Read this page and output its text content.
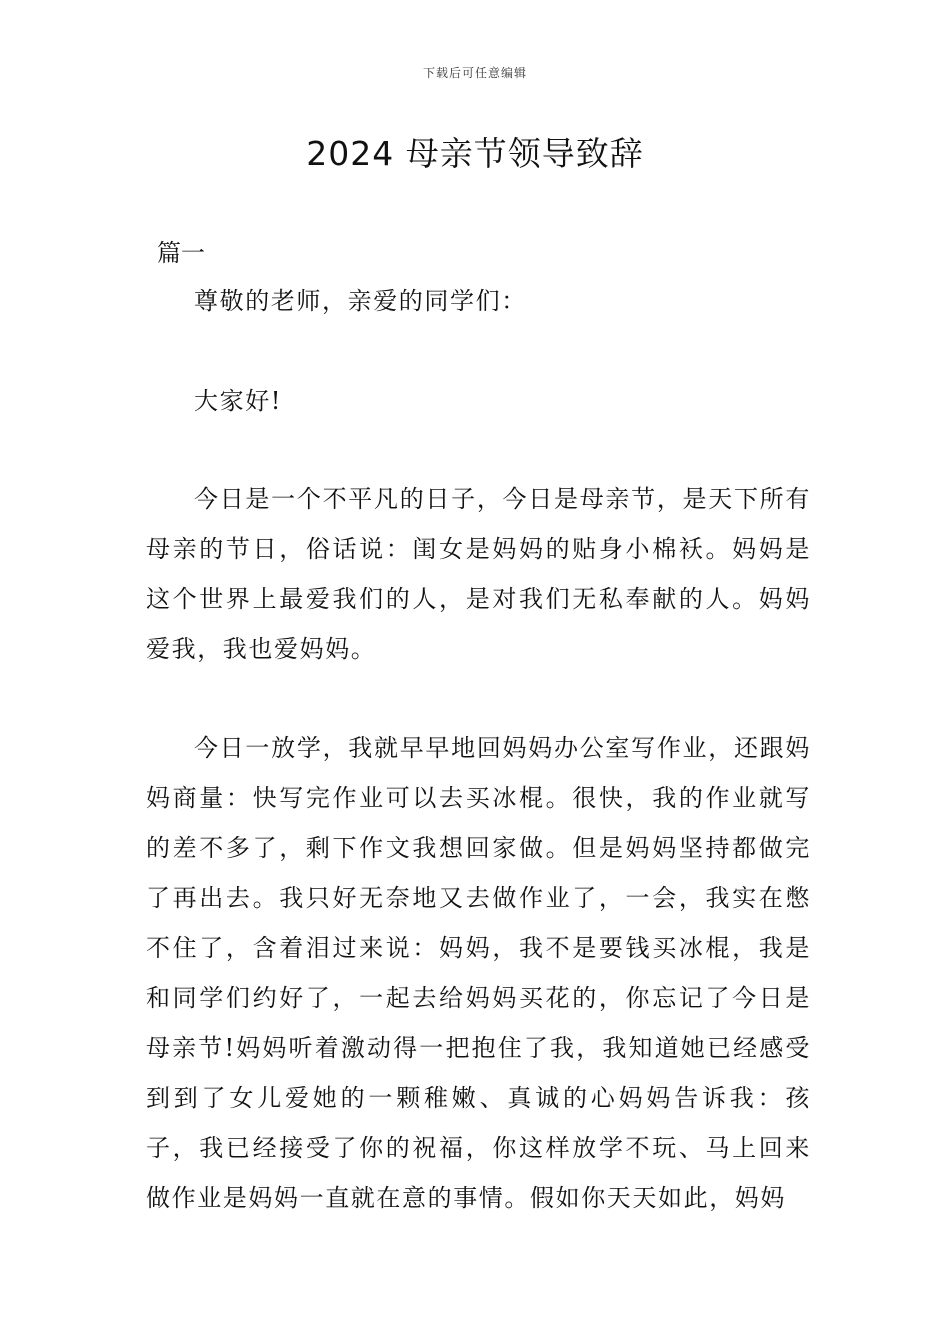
下载后可任意编辑
2024 母亲节领导致辞

篇一

尊敬的老师，亲爱的同学们：

大家好!

今日是一个不平凡的日子，今日是母亲节，是天下所有母亲的节日，俗话说：闺女是妈妈的贴身小棉袄。妈妈是这个世界上最爱我们的人，是对我们无私奉献的人。妈妈爱我，我也爱妈妈。

今日一放学，我就早早地回妈妈办公室写作业，还跟妈妈商量：快写完作业可以去买冰棍。很快，我的作业就写的差不多了，剩下作文我想回家做。但是妈妈坚持都做完了再出去。我只好无奈地又去做作业了，一会，我实在憋不住了，含着泪过来说：妈妈，我不是要钱买冰棍，我是和同学们约好了，一起去给妈妈买花的，你忘记了今日是母亲节!妈妈听着激动得一把抱住了我，我知道她已经感受到到了女儿爱她的一颗稚嫩、真诚的心妈妈告诉我：孩子，我已经接受了你的祝福，你这样放学不玩、马上回来做作业是妈妈一直就在意的事情。假如你天天如此，妈妈
